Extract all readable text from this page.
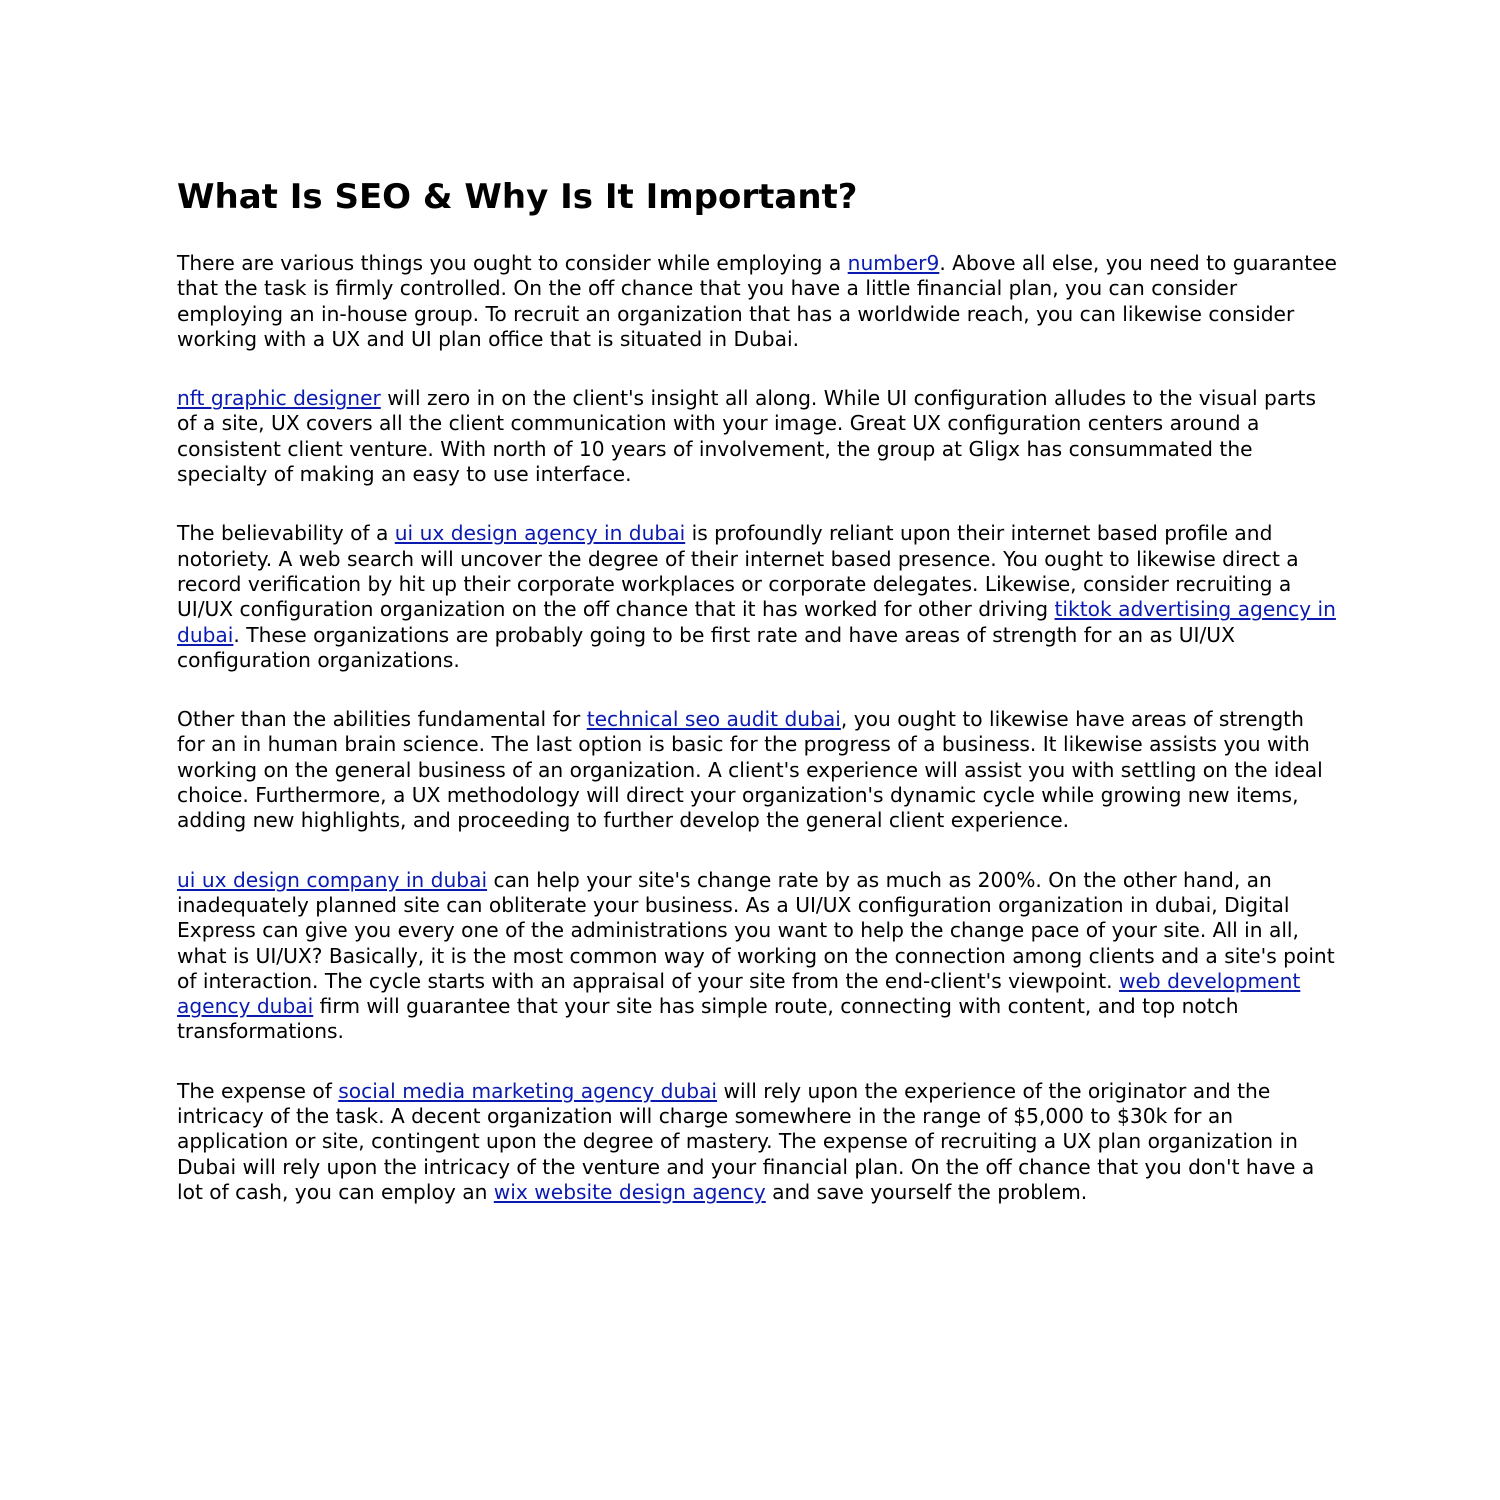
What Is SEO & Why Is It Important?

There are various things you ought to consider while employing a number9. Above all else, you need to guarantee that the task is firmly controlled. On the off chance that you have a little financial plan, you can consider employing an in-house group. To recruit an organization that has a worldwide reach, you can likewise consider working with a UX and UI plan office that is situated in Dubai.

nft graphic designer will zero in on the client's insight all along. While UI configuration alludes to the visual parts of a site, UX covers all the client communication with your image. Great UX configuration centers around a consistent client venture. With north of 10 years of involvement, the group at Gligx has consummated the specialty of making an easy to use interface.

The believability of a ui ux design agency in dubai is profoundly reliant upon their internet based profile and notoriety. A web search will uncover the degree of their internet based presence. You ought to likewise direct a record verification by hit up their corporate workplaces or corporate delegates. Likewise, consider recruiting a UI/UX configuration organization on the off chance that it has worked for other driving tiktok advertising agency in dubai. These organizations are probably going to be first rate and have areas of strength for an as UI/UX configuration organizations.

Other than the abilities fundamental for technical seo audit dubai, you ought to likewise have areas of strength for an in human brain science. The last option is basic for the progress of a business. It likewise assists you with working on the general business of an organization. A client's experience will assist you with settling on the ideal choice. Furthermore, a UX methodology will direct your organization's dynamic cycle while growing new items, adding new highlights, and proceeding to further develop the general client experience.

ui ux design company in dubai can help your site's change rate by as much as 200%. On the other hand, an inadequately planned site can obliterate your business. As a UI/UX configuration organization in dubai, Digital Express can give you every one of the administrations you want to help the change pace of your site. All in all, what is UI/UX? Basically, it is the most common way of working on the connection among clients and a site's point of interaction. The cycle starts with an appraisal of your site from the end-client's viewpoint. web development agency dubai firm will guarantee that your site has simple route, connecting with content, and top notch transformations.

The expense of social media marketing agency dubai will rely upon the experience of the originator and the intricacy of the task. A decent organization will charge somewhere in the range of $5,000 to $30k for an application or site, contingent upon the degree of mastery. The expense of recruiting a UX plan organization in Dubai will rely upon the intricacy of the venture and your financial plan. On the off chance that you don't have a lot of cash, you can employ an wix website design agency and save yourself the problem.
